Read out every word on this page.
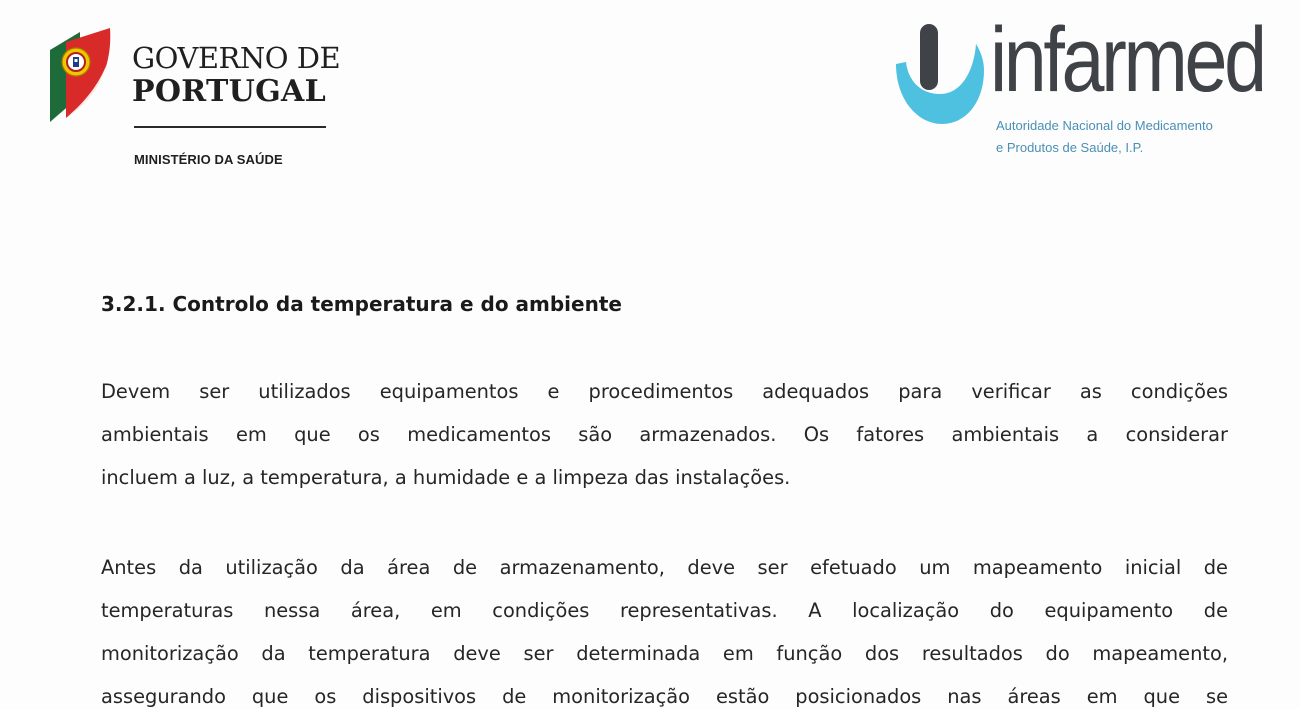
GOVERNO DE
PORTUGAL
MINISTÉRIO DA SAÚDE
infarmed
Autoridade Nacional do Medicamento
e Produtos de Saúde, I.P.
3.2.1. Controlo da temperatura e do ambiente

Devem ser utilizados equipamentos e procedimentos adequados para verificar as condições
ambientais em que os medicamentos são armazenados. Os fatores ambientais a considerar
incluem a luz, a temperatura, a humidade e a limpeza das instalações.

Antes da utilização da área de armazenamento, deve ser efetuado um mapeamento inicial de
temperaturas nessa área, em condições representativas. A localização do equipamento de
monitorização da temperatura deve ser determinada em função dos resultados do mapeamento,
assegurando que os dispositivos de monitorização estão posicionados nas áreas em que se
